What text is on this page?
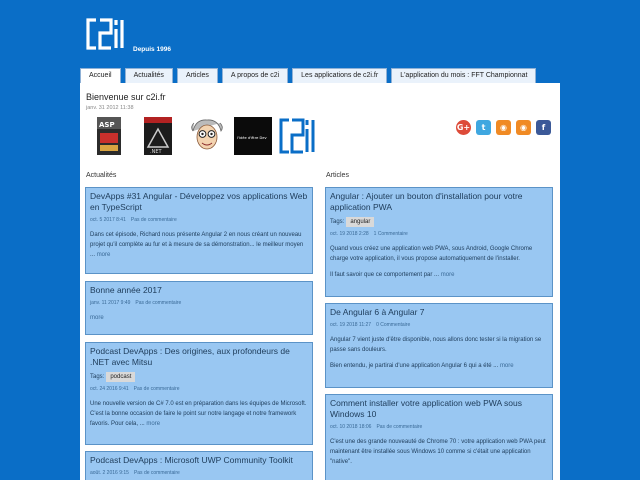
Depuis 1996
Accueil	Actualités	Articles	A propos de c2i	Les applications de c2i.fr	L'application du mois : FFT Championnat
Bienvenue sur c2i.fr
janv. 31 2012 11:38
ASP
.NET
l'idée d'être Dev
G+	t	◉	◉	f
Actualités	Articles
DevApps #31 Angular - Développez vos applications Web en TypeScript
oct. 5 2017 8:41 Pas de commentaire
Dans cet épisode, Richard nous présente Angular 2 en nous créant un nouveau projet qu'il complète au fur et à mesure de sa démonstration... le meilleur moyen ... more
Bonne année 2017
janv. 11 2017 9:49 Pas de commentaire
more
Podcast DevApps : Des origines, aux profondeurs de .NET avec Mitsu
Tags: podcast
oct. 24 2016 9:41 Pas de commentaire
Une nouvelle version de C# 7.0 est en préparation dans les équipes de Microsoft. C'est la bonne occasion de faire le point sur notre langage et notre framework favoris. Pour cela, ... more
Podcast DevApps : Microsoft UWP Community Toolkit
août. 2 2016 9:15 Pas de commentaire
Angular : Ajouter un bouton d'installation pour votre application PWA
Tags: angular
oct. 19 2018 2:28 1 Commentaire

Quand vous créez une application web PWA, sous Android, Google Chrome charge votre application, il vous propose automatiquement de l'installer.

Il faut savoir que ce comportement par ... more

De Angular 6 à Angular 7
oct. 19 2018 11:27 0 Commentaire

Angular 7 vient juste d'être disponible, nous allons donc tester si la migration se passe sans douleurs.

Bien entendu, je partirai d'une application Angular 6 qui a été ... more

Comment installer votre application web PWA sous Windows 10
oct. 10 2018 18:06 Pas de commentaire

C'est une des grande nouveauté de Chrome 70 : votre application web PWA peut maintenant être installée sous Windows 10 comme si c'était une application "native".
